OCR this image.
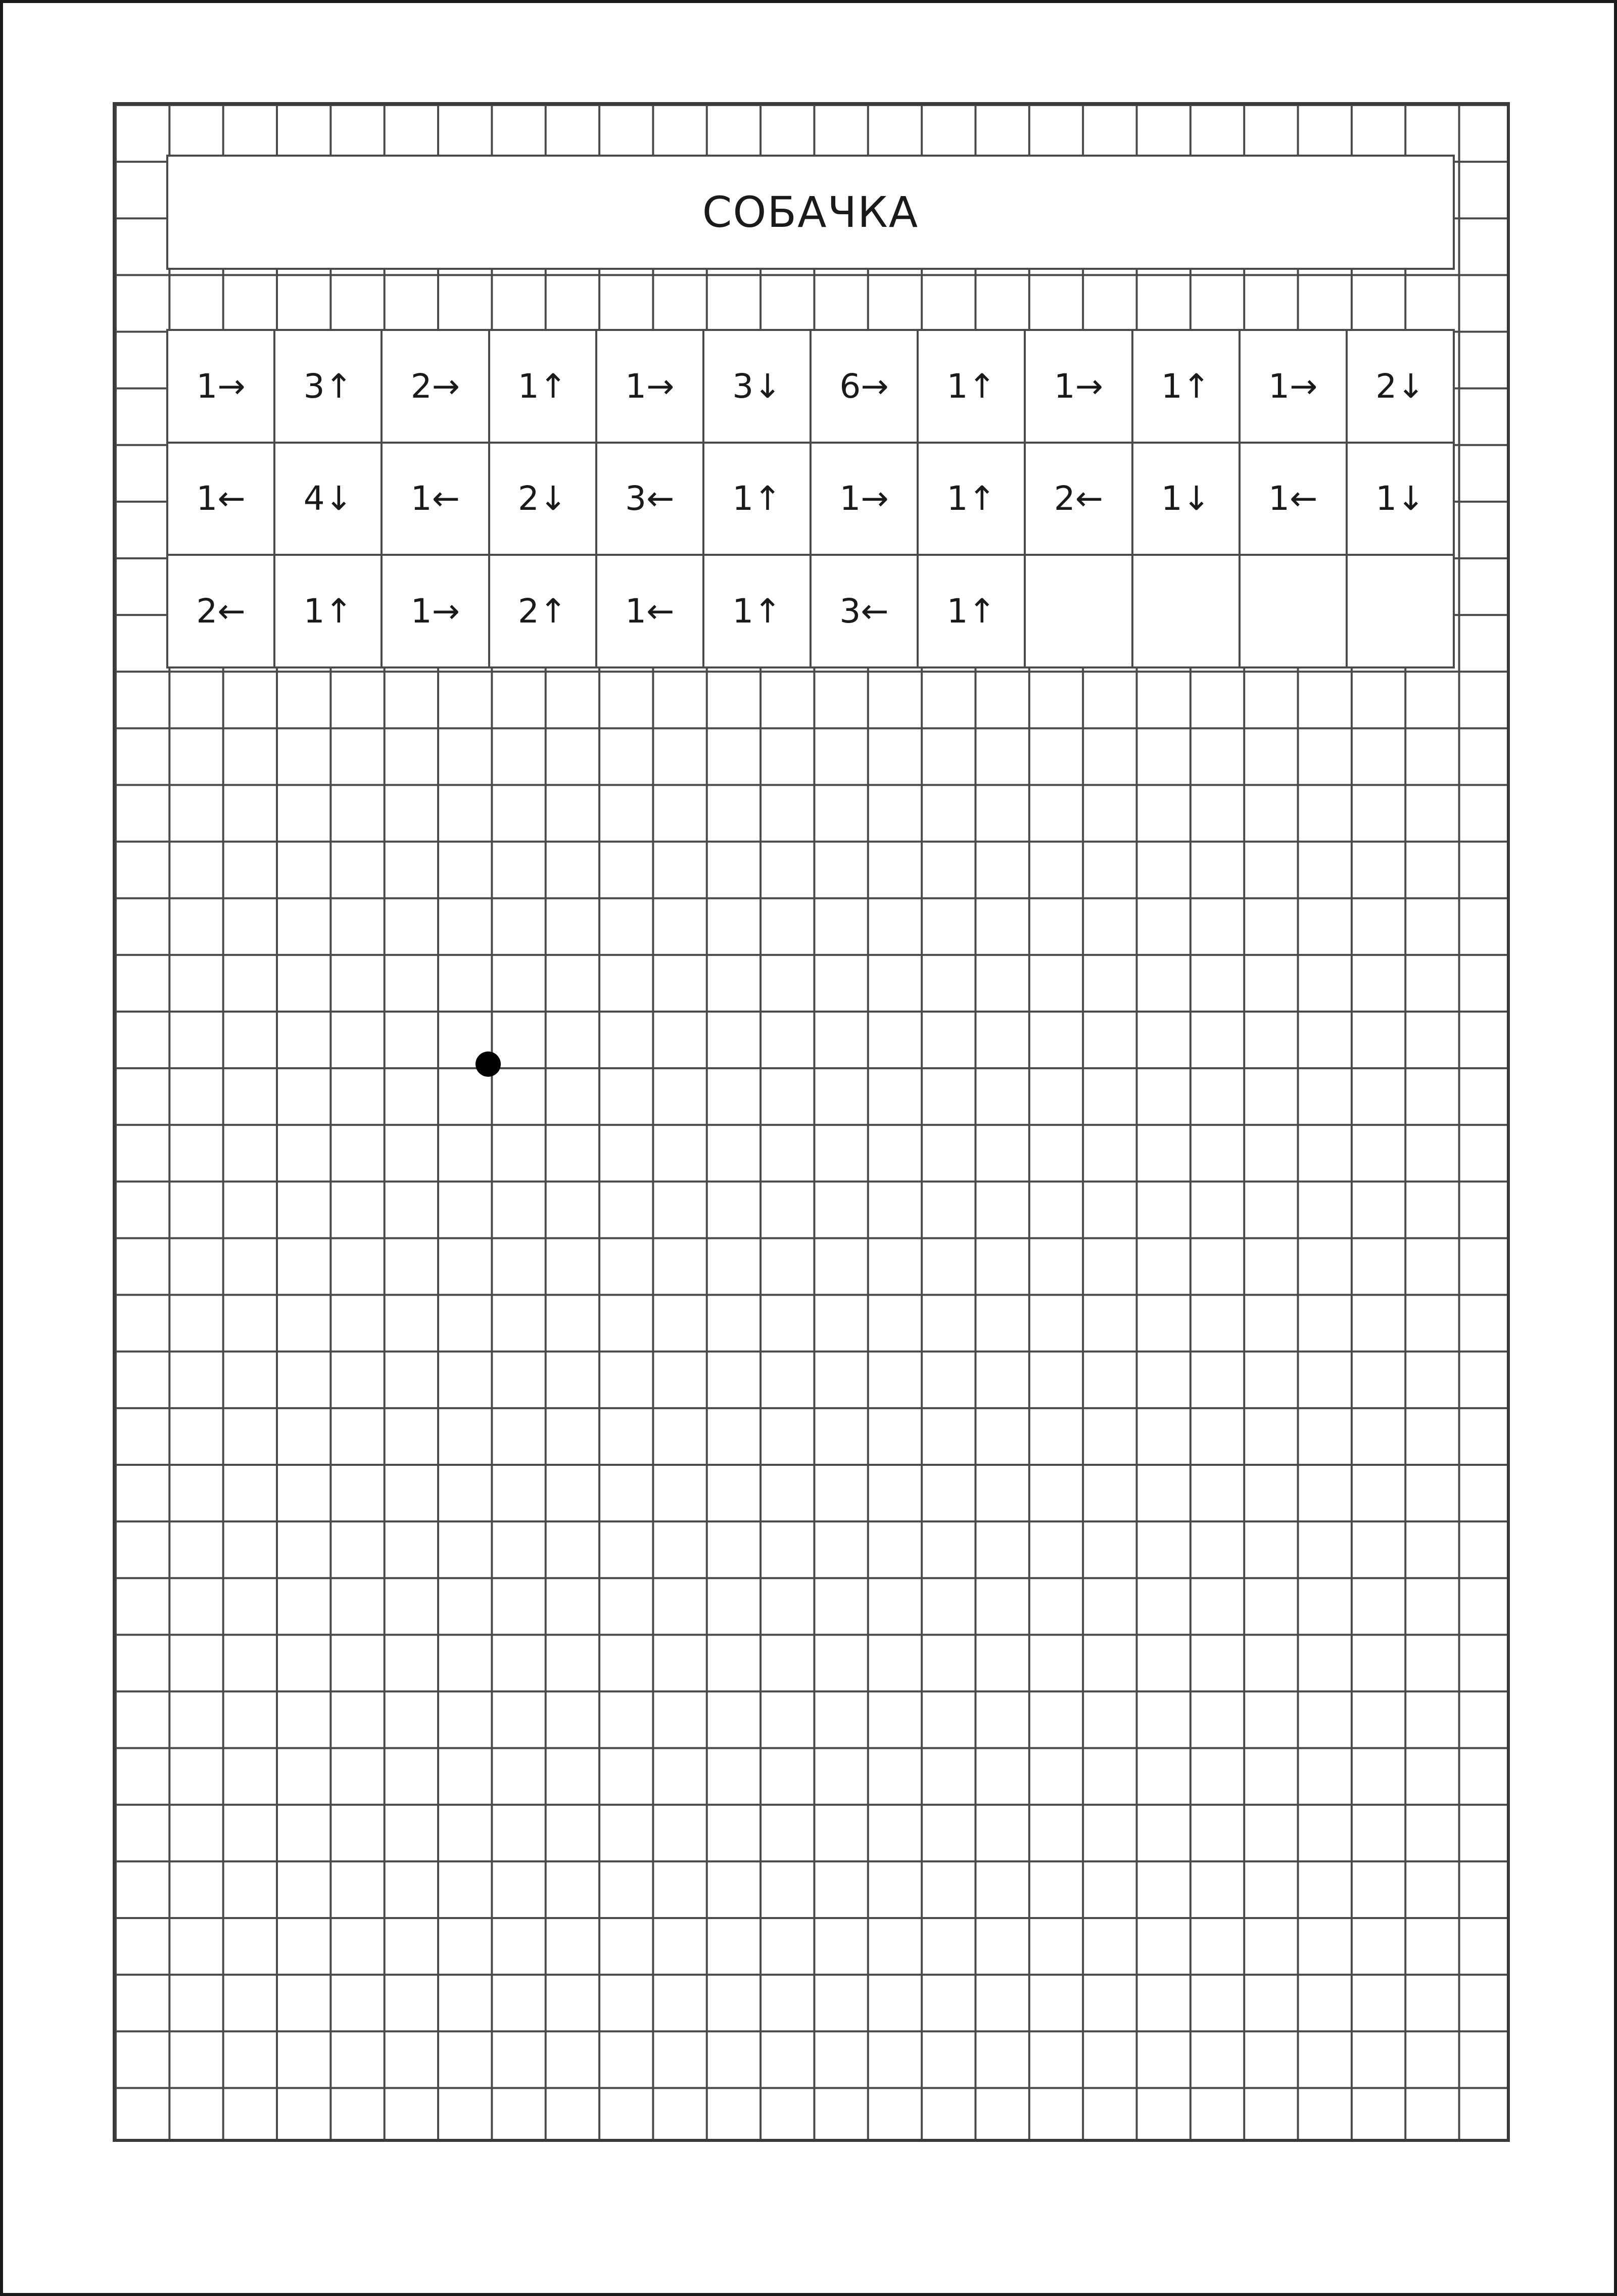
СОБАЧКА
1→	3↑	2→	1↑	1→	3↓	6→	1↑	1→	1↑	1→	2↓
1←	4↓	1←	2↓	3←	1↑	1→	1↑	2←	1↓	1←	1↓
2←	1↑	1→	2↑	1←	1↑	3←	1↑
